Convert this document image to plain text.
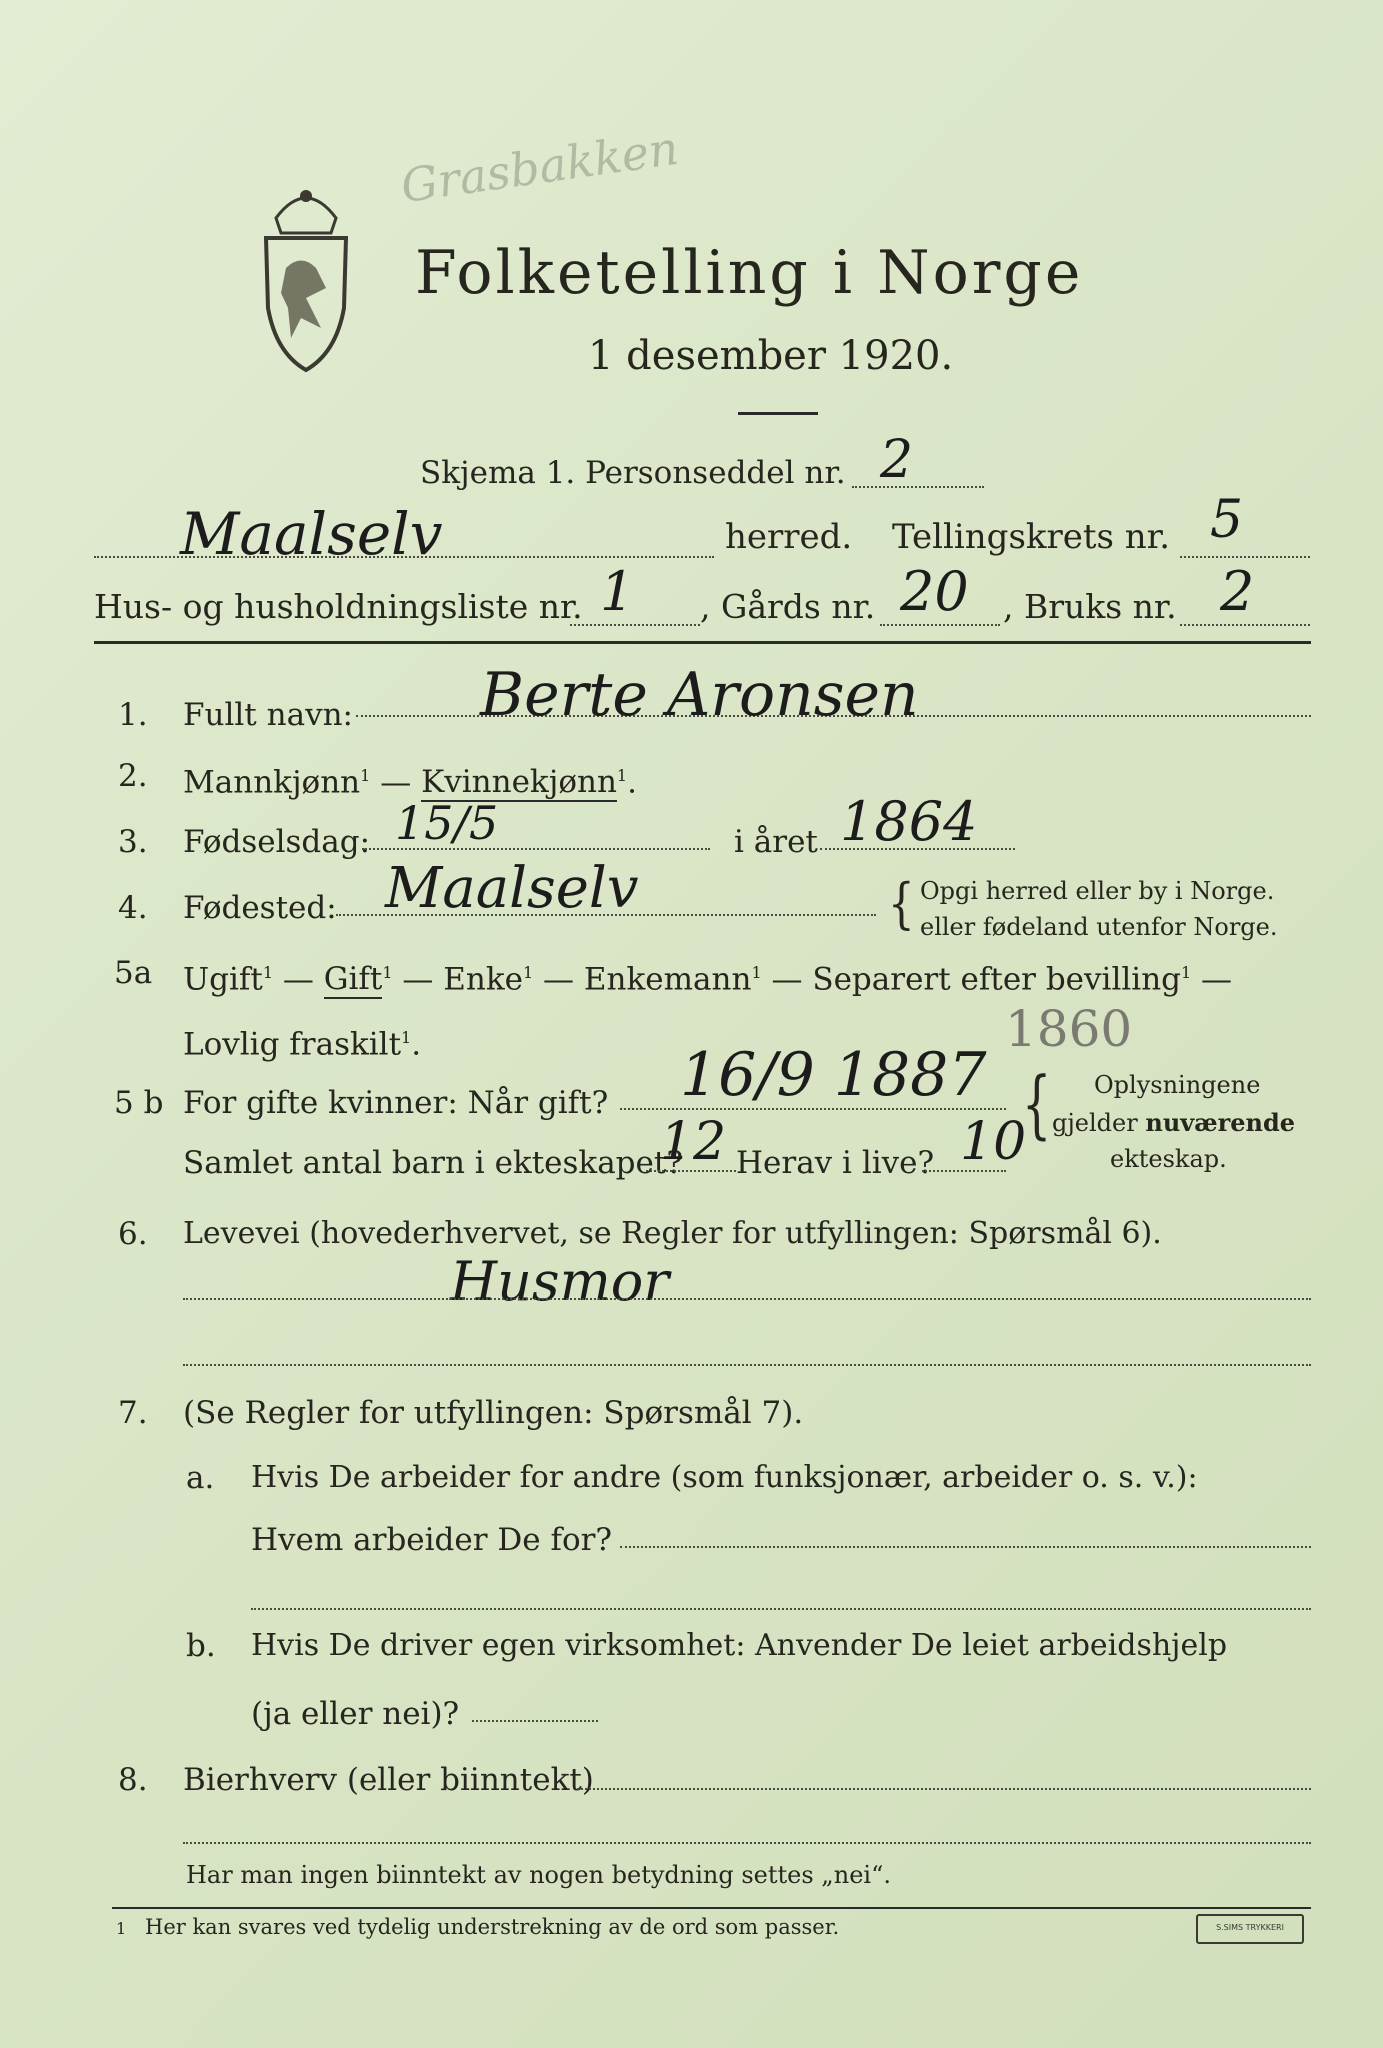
Grasbakken
Folketelling i Norge
1 desember 1920.
Skjema 1. Personseddel nr. 2
Maalselv	herred. Tellingskrets nr. 5
Hus- og husholdningsliste nr. 1 , Gårds nr. 20 , Bruks nr. 2
1. Fullt navn: Berte Aronsen
2. Mannkjønn$^1$ — Kvinnekjønn$^1$.
3. Fødselsdag: 15/5	i året 1864
4. Fødested: Maalselv	{ Opgi herred eller by i Norge.
eller fødeland utenfor Norge.
5a Ugift$^1$ — Gift$^1$ — Enke$^1$ — Enkemann$^1$ — Separert efter bevilling$^1$ —
Lovlig fraskilt$^1$.	1860
5 b For gifte kvinner: Når gift? 16/9 1887
Samlet antal barn i ekteskapet?
12 Herav i live? 10
{ Oplysningene
gjelder nuværende
ekteskap.
6. Levevei (hovederhvervet, se Regler for utfyllingen: Spørsmål 6).
Husmor
7. (Se Regler for utfyllingen: Spørsmål 7).
a. Hvis De arbeider for andre (som funksjonær, arbeider o. s. v.):
Hvem arbeider De for?
b. Hvis De driver egen virksomhet: Anvender De leiet arbeidshjelp
(ja eller nei)?
8. Bierhverv (eller biinntekt)
Har man ingen biinntekt av nogen betydning settes „nei“.
1 Her kan svares ved tydelig understrekning av de ord som passer.	S.SIMS TRYKKERI
